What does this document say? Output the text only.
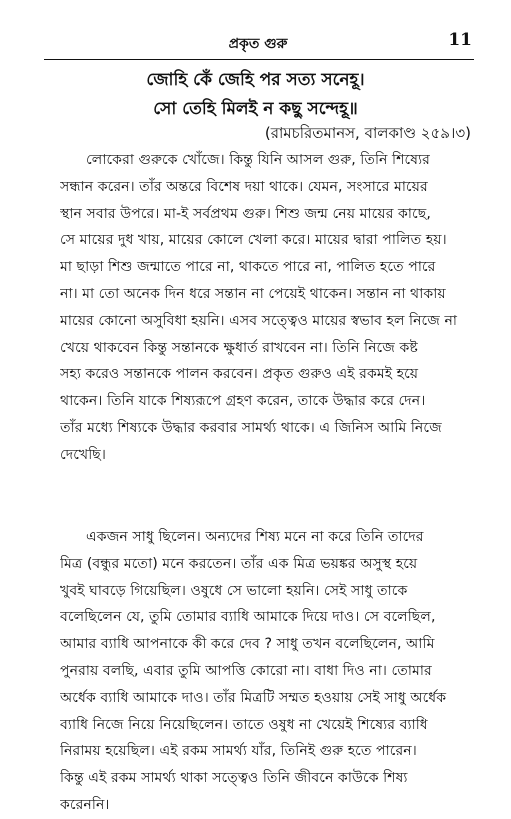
প্রকৃত গুরু	11
জোহি কেঁ জেহি পর সত্য সনেহূ।
সো তেহি মিলই ন কছু সন্দেহূ॥
(রামচরিতমানস, বালকাণ্ড ২৫৯।৩)

লোকেরা গুরুকে খোঁজে। কিন্তু যিনি আসল গুরু, তিনি শিষ্যের
সন্ধান করেন। তাঁর অন্তরে বিশেষ দয়া থাকে। যেমন, সংসারে মায়ের
স্থান সবার উপরে। মা-ই সর্বপ্রথম গুরু। শিশু জন্ম নেয় মায়ের কাছে,
সে মায়ের দুধ খায়, মায়ের কোলে খেলা করে। মায়ের দ্বারা পালিত হয়।
মা ছাড়া শিশু জন্মাতে পারে না, থাকতে পারে না, পালিত হতে পারে
না। মা তো অনেক দিন ধরে সন্তান না পেয়েই থাকেন। সন্তান না থাকায়
মায়ের কোনো অসুবিধা হয়নি। এসব সত্ত্বেও মায়ের স্বভাব হল নিজে না
খেয়ে থাকবেন কিন্তু সন্তানকে ক্ষুধার্ত রাখবেন না। তিনি নিজে কষ্ট
সহ্য করেও সন্তানকে পালন করবেন। প্রকৃত গুরুও এই রকমই হয়ে
থাকেন। তিনি যাকে শিষ্যরূপে গ্রহণ করেন, তাকে উদ্ধার করে দেন।
তাঁর মধ্যে শিষ্যকে উদ্ধার করবার সামর্থ্য থাকে। এ জিনিস আমি নিজে
দেখেছি।

একজন সাধু ছিলেন। অন্যদের শিষ্য মনে না করে তিনি তাদের
মিত্র (বন্ধুর মতো) মনে করতেন। তাঁর এক মিত্র ভয়ঙ্কর অসুস্থ হয়ে
খুবই ঘাবড়ে গিয়েছিল। ওষুধে সে ভালো হয়নি। সেই সাধু তাকে
বলেছিলেন যে, তুমি তোমার ব্যাধি আমাকে দিয়ে দাও। সে বলেছিল,
আমার ব্যাধি আপনাকে কী করে দেব ? সাধু তখন বলেছিলেন, আমি
পুনরায় বলছি, এবার তুমি আপত্তি কোরো না। বাধা দিও না। তোমার
অর্ধেক ব্যাধি আমাকে দাও। তাঁর মিত্রটি সম্মত হওয়ায় সেই সাধু অর্ধেক
ব্যাধি নিজে নিয়ে নিয়েছিলেন। তাতে ওষুধ না খেয়েই শিষ্যের ব্যাধি
নিরাময় হয়েছিল। এই রকম সামর্থ্য যাঁর, তিনিই গুরু হতে পারেন।
কিন্তু এই রকম সামর্থ্য থাকা সত্ত্বেও তিনি জীবনে কাউকে শিষ্য
করেননি।
